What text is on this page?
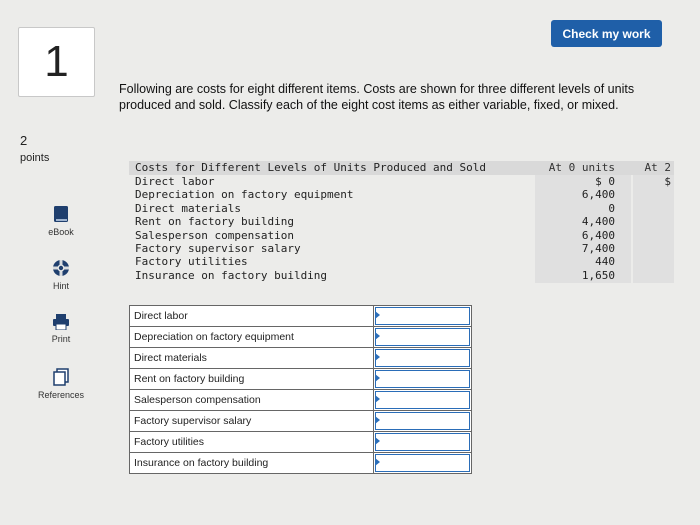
Check my work
1
2
points
eBook
Hint
Print
References
Following are costs for eight different items. Costs are shown for three different levels of units produced and sold. Classify each of the eight cost items as either variable, fixed, or mixed.
Costs for Different Levels of Units Produced and Sold	At 0 units	At 2
Direct labor	$ 0	$
Depreciation on factory equipment	6,400
Direct materials	0
Rent on factory building	4,400
Salesperson compensation	6,400
Factory supervisor salary	7,400
Factory utilities	440
Insurance on factory building	1,650
Direct labor
Depreciation on factory equipment
Direct materials
Rent on factory building
Salesperson compensation
Factory supervisor salary
Factory utilities
Insurance on factory building
